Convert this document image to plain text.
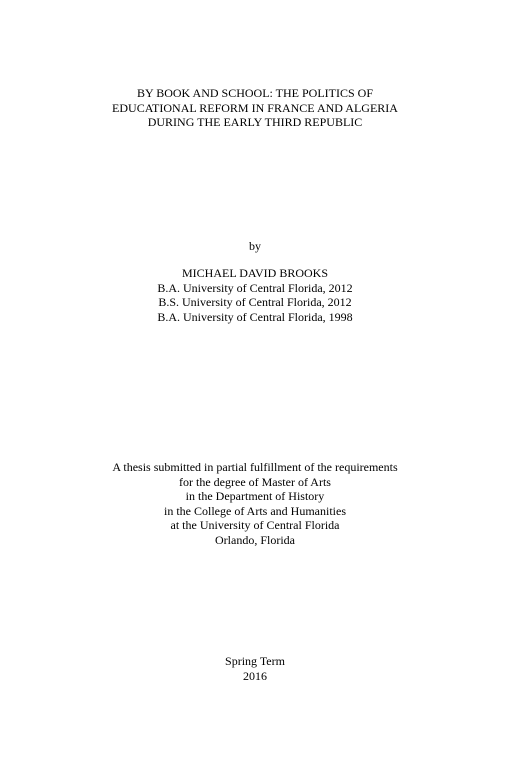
BY BOOK AND SCHOOL: THE POLITICS OF
EDUCATIONAL REFORM IN FRANCE AND ALGERIA
DURING THE EARLY THIRD REPUBLIC
by
MICHAEL DAVID BROOKS
B.A. University of Central Florida, 2012
B.S. University of Central Florida, 2012
B.A. University of Central Florida, 1998
A thesis submitted in partial fulfillment of the requirements
for the degree of Master of Arts
in the Department of History
in the College of Arts and Humanities
at the University of Central Florida
Orlando, Florida
Spring Term
2016
